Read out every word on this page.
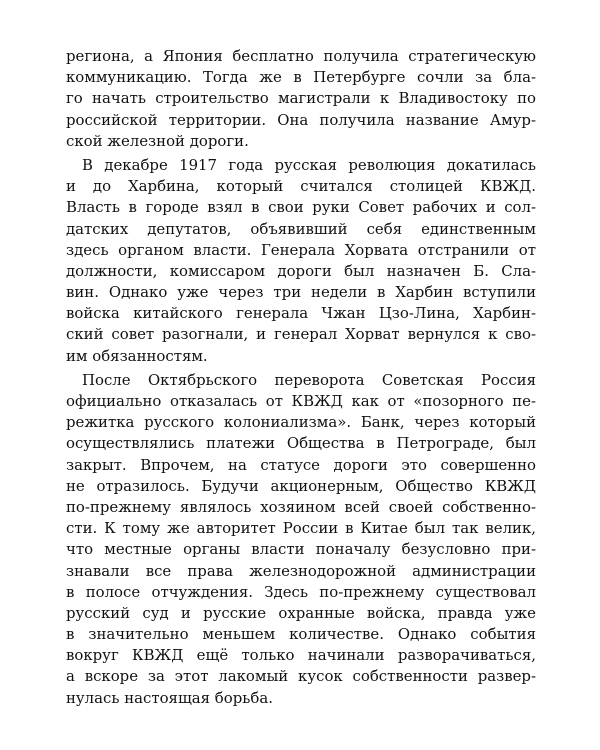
региона, а Япония бесплатно получила стратегическую
коммуникацию. Тогда же в Петербурге сочли за бла-
го начать строительство магистрали к Владивостоку по
российской территории. Она получила название Амур-
ской железной дороги.
В декабре 1917 года русская революция докатилась
и до Харбина, который считался столицей КВЖД.
Власть в городе взял в свои руки Совет рабочих и сол-
датских депутатов, объявивший себя единственным
здесь органом власти. Генерала Хорвата отстранили от
должности, комиссаром дороги был назначен Б. Сла-
вин. Однако уже через три недели в Харбин вступили
войска китайского генерала Чжан Цзо-Лина, Харбин-
ский совет разогнали, и генерал Хорват вернулся к сво-
им обязанностям.
После Октябрьского переворота Советская Россия
официально отказалась от КВЖД как от «позорного пе-
режитка русского колониализма». Банк, через который
осуществлялись платежи Общества в Петрограде, был
закрыт. Впрочем, на статусе дороги это совершенно
не отразилось. Будучи акционерным, Общество КВЖД
по-прежнему являлось хозяином всей своей собственно-
сти. К тому же авторитет России в Китае был так велик,
что местные органы власти поначалу безусловно при-
знавали все права железнодорожной администрации
в полосе отчуждения. Здесь по-прежнему существовал
русский суд и русские охранные войска, правда уже
в значительно меньшем количестве. Однако события
вокруг КВЖД ещё только начинали разворачиваться,
а вскоре за этот лакомый кусок собственности развер-
нулась настоящая борьба.
